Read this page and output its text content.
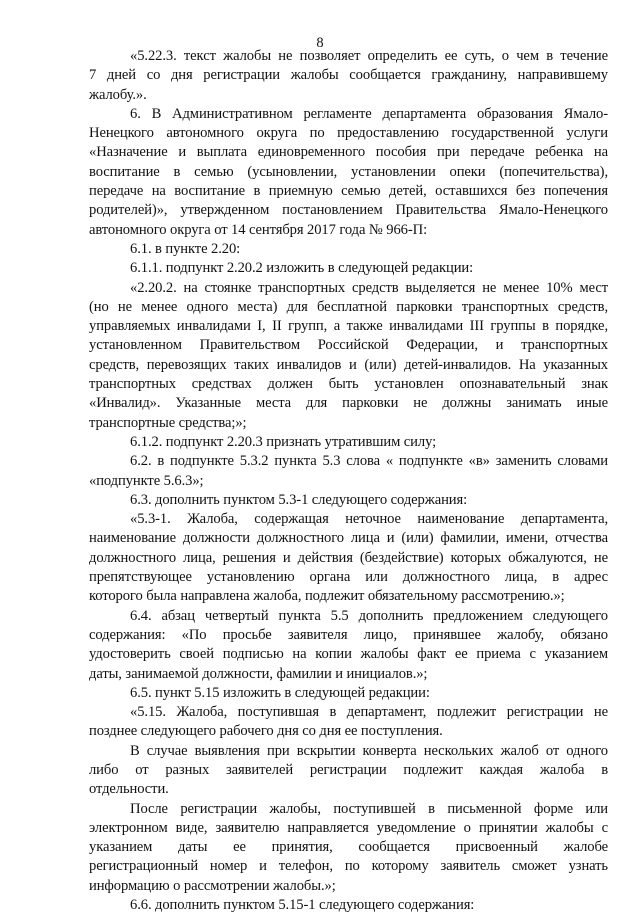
8
«5.22.3. текст жалобы не позволяет определить ее суть, о чем в течение
7 дней со дня регистрации жалобы сообщается гражданину, направившему
жалобу.».
6. В Административном регламенте департамента образования Ямало-
Ненецкого автономного округа по предоставлению государственной услуги
«Назначение и выплата единовременного пособия при передаче ребенка на
воспитание в семью (усыновлении, установлении опеки (попечительства),
передаче на воспитание в приемную семью детей, оставшихся без попечения
родителей)», утвержденном постановлением Правительства Ямало-Ненецкого
автономного округа от 14 сентября 2017 года № 966-П:
6.1. в пункте 2.20:
6.1.1. подпункт 2.20.2 изложить в следующей редакции:
«2.20.2. на стоянке транспортных средств выделяется не менее 10% мест
(но не менее одного места) для бесплатной парковки транспортных средств,
управляемых инвалидами I, II групп, а также инвалидами III группы в порядке,
установленном Правительством Российской Федерации, и транспортных
средств, перевозящих таких инвалидов и (или) детей-инвалидов. На указанных
транспортных средствах должен быть установлен опознавательный знак
«Инвалид». Указанные места для парковки не должны занимать иные
транспортные средства;»;
6.1.2. подпункт 2.20.3 признать утратившим силу;
6.2. в подпункте 5.3.2 пункта 5.3 слова « подпункте «в» заменить словами
«подпункте 5.6.3»;
6.3. дополнить пунктом 5.3-1 следующего содержания:
«5.3-1. Жалоба, содержащая неточное наименование департамента,
наименование должности должностного лица и (или) фамилии, имени, отчества
должностного лица, решения и действия (бездействие) которых обжалуются, не
препятствующее установлению органа или должностного лица, в адрес
которого была направлена жалоба, подлежит обязательному рассмотрению.»;
6.4. абзац четвертый пункта 5.5 дополнить предложением следующего
содержания: «По просьбе заявителя лицо, принявшее жалобу, обязано
удостоверить своей подписью на копии жалобы факт ее приема с указанием
даты, занимаемой должности, фамилии и инициалов.»;
6.5. пункт 5.15 изложить в следующей редакции:
«5.15. Жалоба, поступившая в департамент, подлежит регистрации не
позднее следующего рабочего дня со дня ее поступления.
В случае выявления при вскрытии конверта нескольких жалоб от одного
либо от разных заявителей регистрации подлежит каждая жалоба в
отдельности.
После регистрации жалобы, поступившей в письменной форме или
электронном виде, заявителю направляется уведомление о принятии жалобы с
указанием даты ее принятия, сообщается присвоенный жалобе
регистрационный номер и телефон, по которому заявитель сможет узнать
информацию о рассмотрении жалобы.»;
6.6. дополнить пунктом 5.15-1 следующего содержания:
